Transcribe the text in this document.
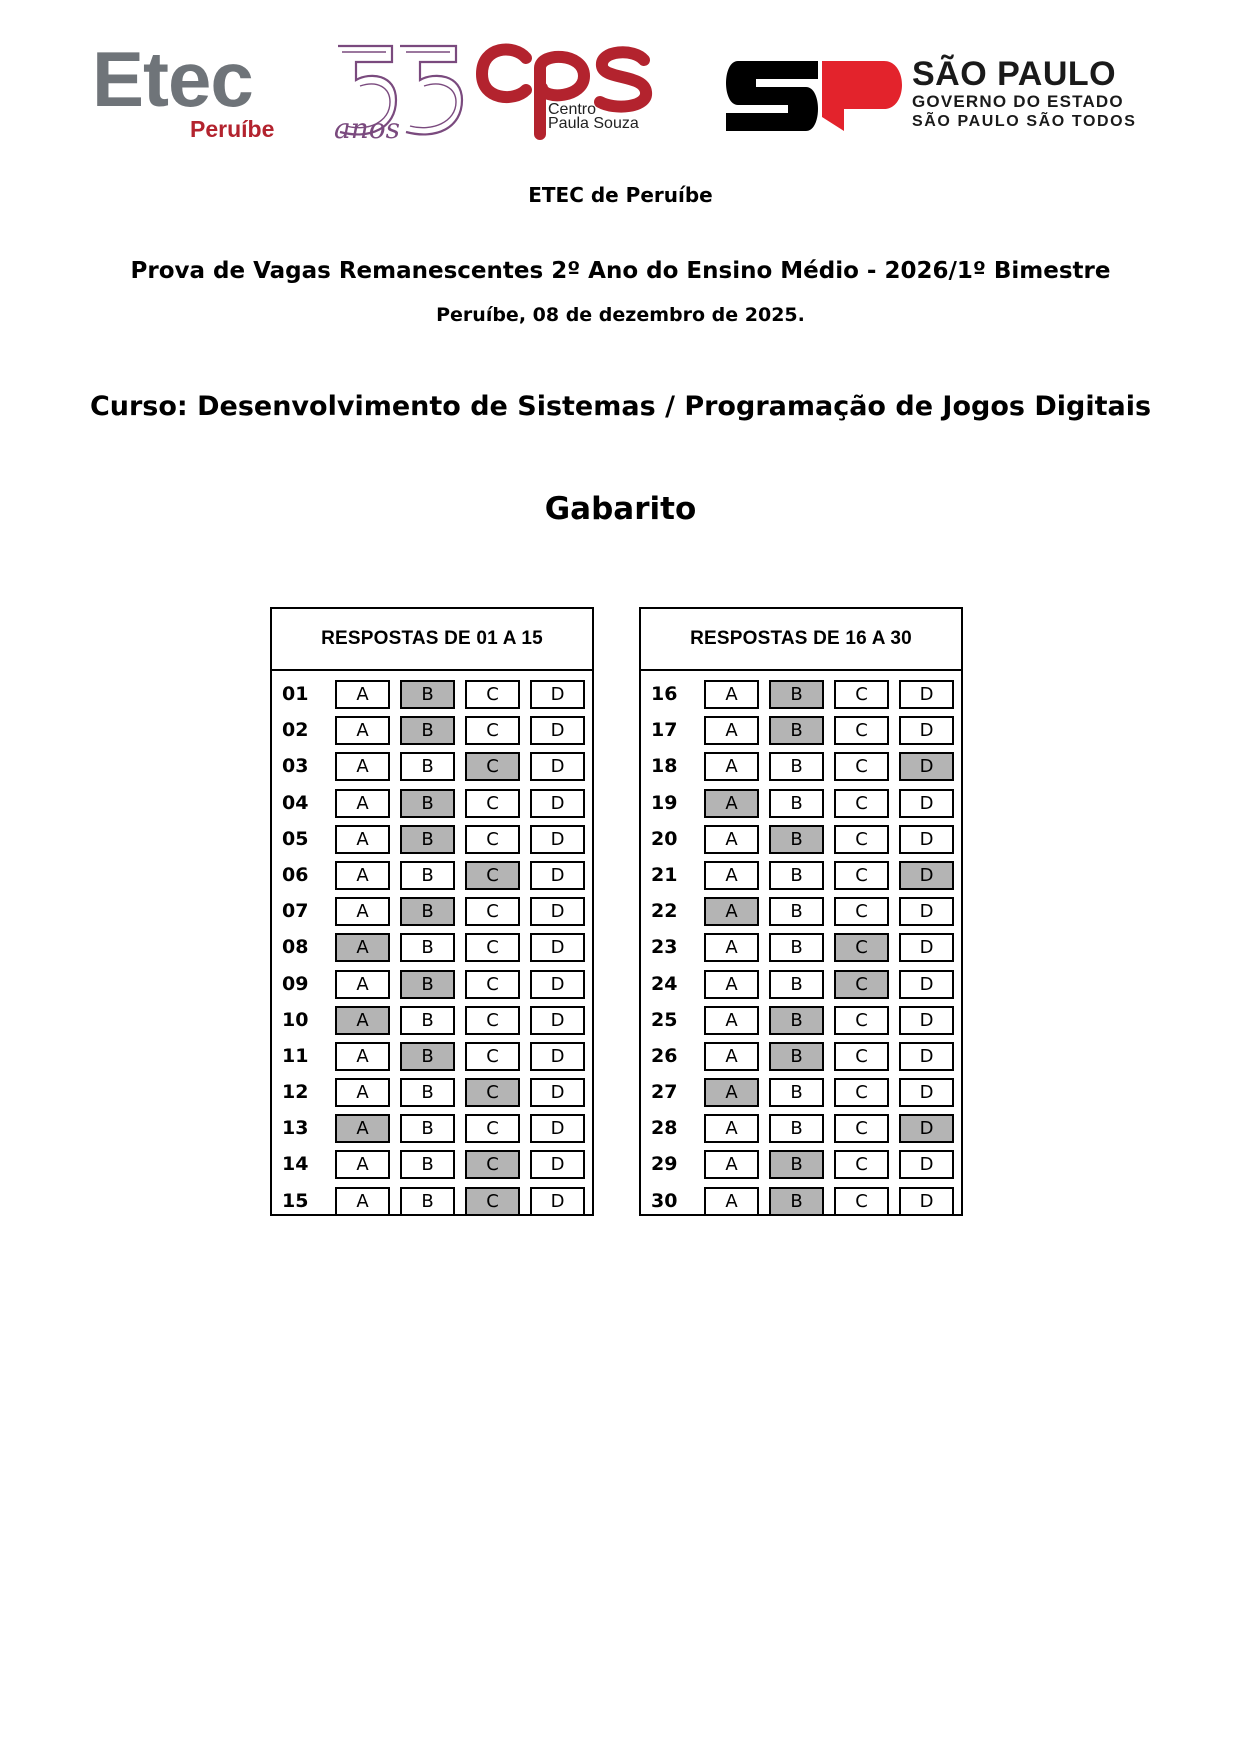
Etec
Peruíbe anos
Centro
Paula Souza
SÃO PAULO
GOVERNO DO ESTADO
SÃO PAULO SÃO TODOS
ETEC de Peruíbe
Prova de Vagas Remanescentes 2º Ano do Ensino Médio - 2026/1º Bimestre
Peruíbe, 08 de dezembro de 2025.
Curso: Desenvolvimento de Sistemas / Programação de Jogos Digitais
Gabarito
RESPOSTAS DE 01 A 15
01	A	B	C	D
02	A	B	C	D
03	A	B	C	D
04	A	B	C	D
05	A	B	C	D
06	A	B	C	D
07	A	B	C	D
08	A	B	C	D
09	A	B	C	D
10	A	B	C	D
11	A	B	C	D
12	A	B	C	D
13	A	B	C	D
14	A	B	C	D
15	A	B	C	D
RESPOSTAS DE 16 A 30
16	A	B	C	D
17	A	B	C	D
18	A	B	C	D
19	A	B	C	D
20	A	B	C	D
21	A	B	C	D
22	A	B	C	D
23	A	B	C	D
24	A	B	C	D
25	A	B	C	D
26	A	B	C	D
27	A	B	C	D
28	A	B	C	D
29	A	B	C	D
30	A	B	C	D
